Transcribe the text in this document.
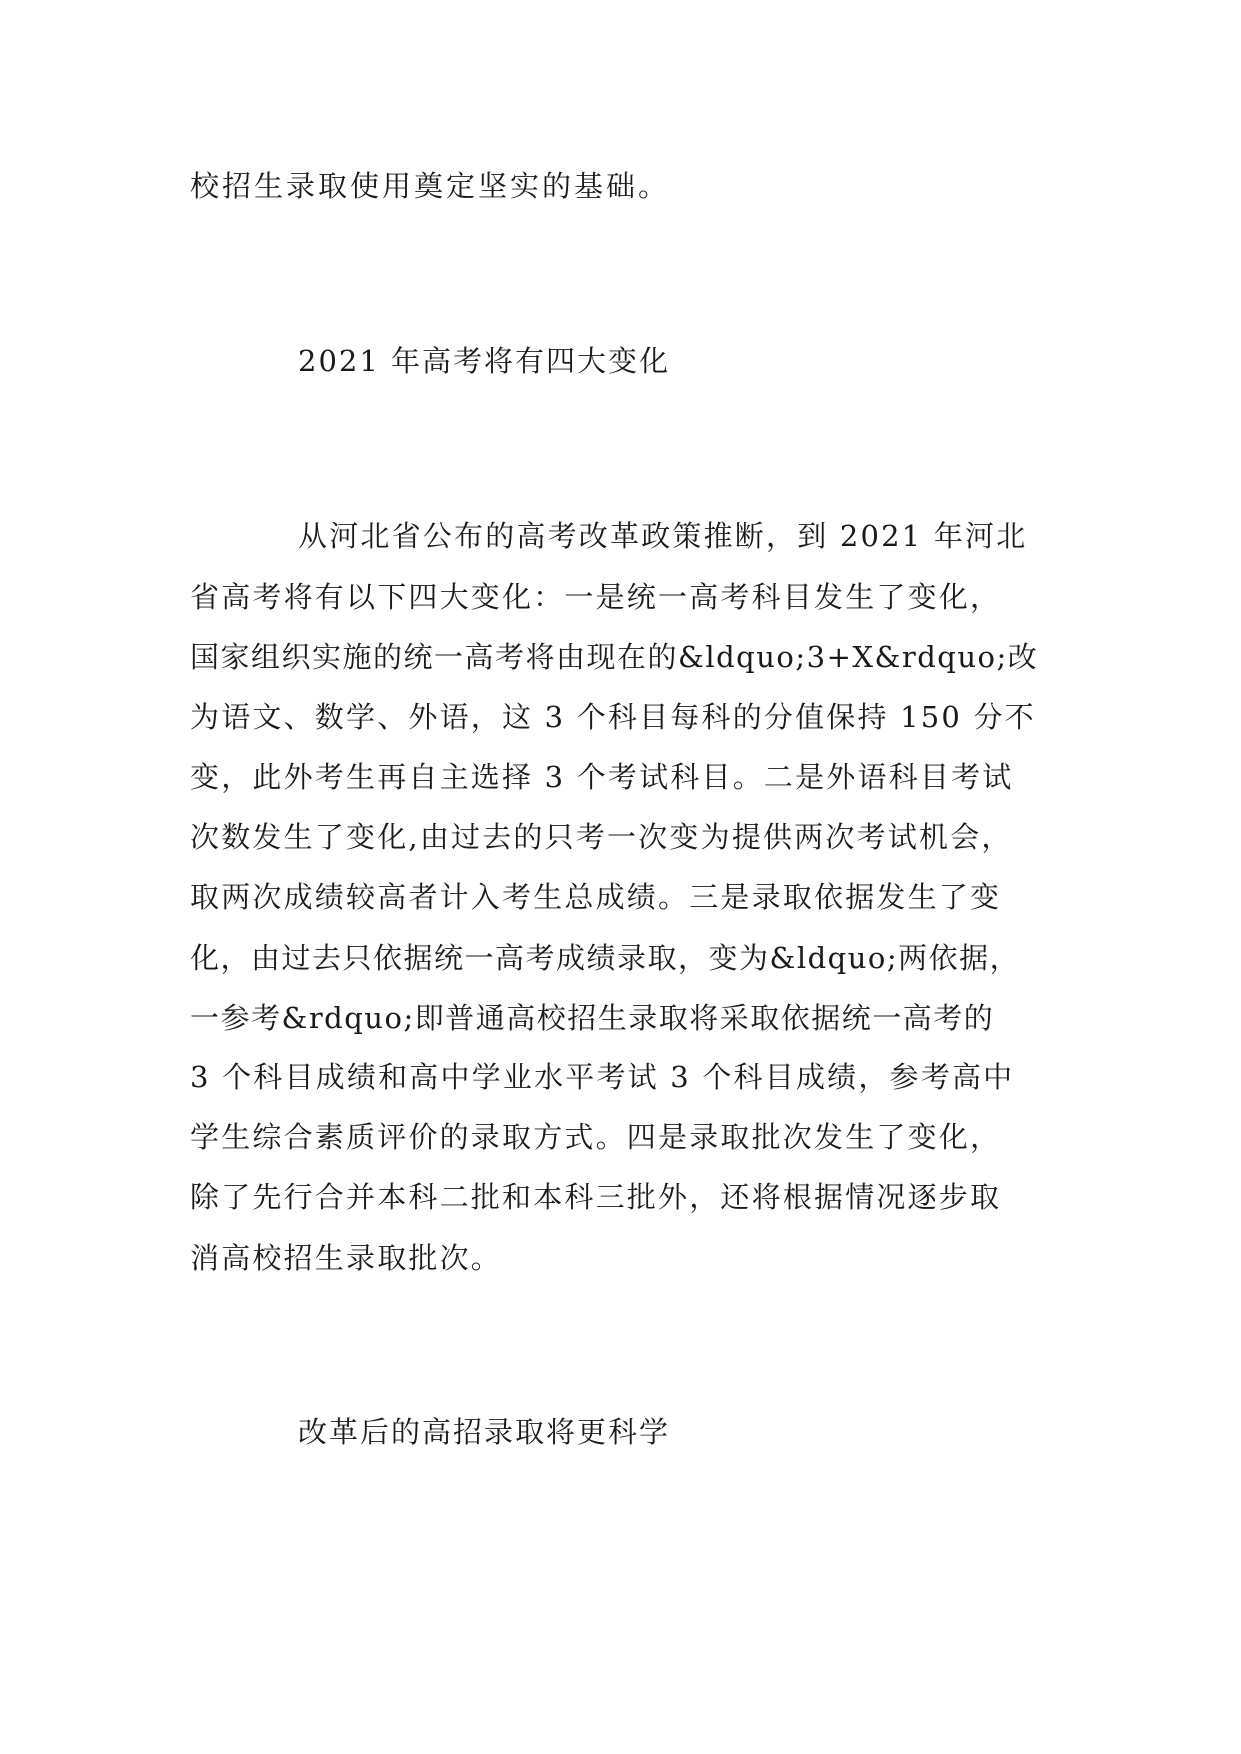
校招生录取使用奠定坚实的基础。
2021 年高考将有四大变化
从河北省公布的高考改革政策推断，到 2021 年河北
省高考将有以下四大变化：一是统一高考科目发生了变化，
国家组织实施的统一高考将由现在的&ldquo;3+X&rdquo;改
为语文、数学、外语，这 3 个科目每科的分值保持 150 分不
变，此外考生再自主选择 3 个考试科目。二是外语科目考试
次数发生了变化,由过去的只考一次变为提供两次考试机会，
取两次成绩较高者计入考生总成绩。三是录取依据发生了变
化，由过去只依据统一高考成绩录取，变为&ldquo;两依据，
一参考&rdquo;即普通高校招生录取将采取依据统一高考的
3 个科目成绩和高中学业水平考试 3 个科目成绩，参考高中
学生综合素质评价的录取方式。四是录取批次发生了变化，
除了先行合并本科二批和本科三批外，还将根据情况逐步取
消高校招生录取批次。
改革后的高招录取将更科学
